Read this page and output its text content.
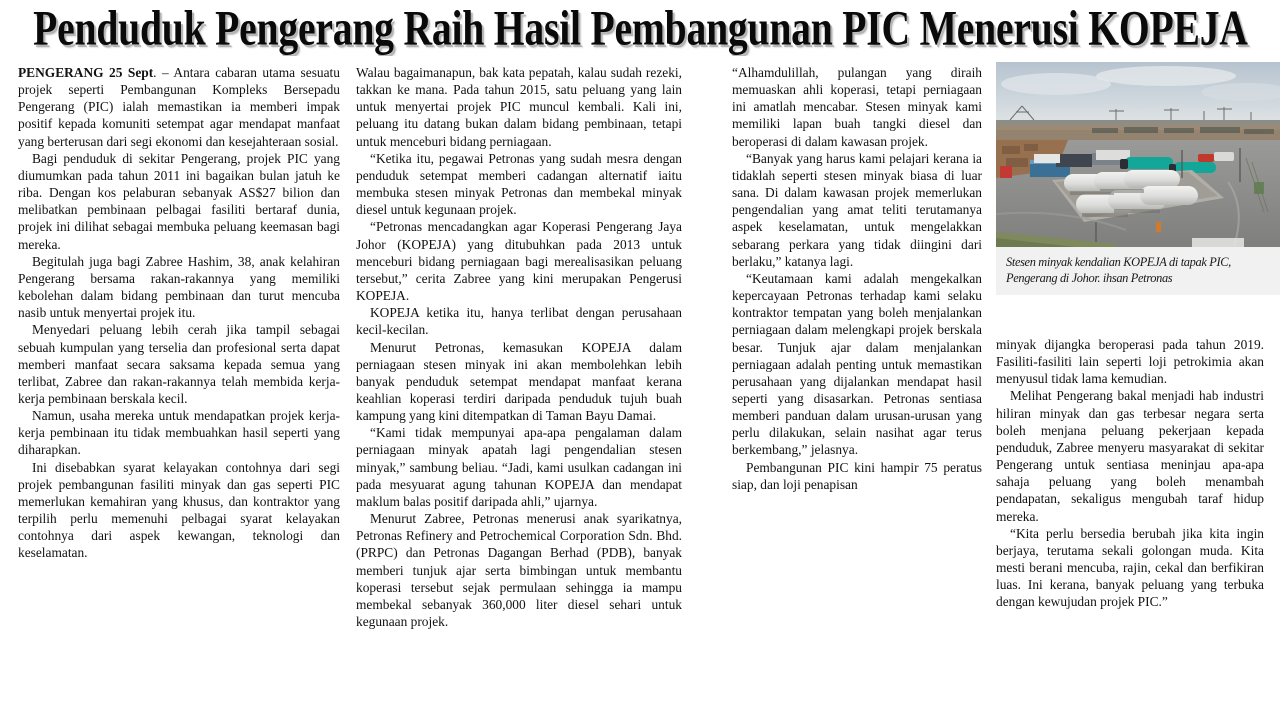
Penduduk Pengerang Raih Hasil Pembangunan PIC Menerusi KOPEJA

PENGERANG 25 Sept. – Antara cabaran utama sesuatu projek seperti Pembangunan Kompleks Bersepadu Pengerang (PIC) ialah memastikan ia memberi impak positif kepada komuniti setempat agar mendapat manfaat yang berterusan dari segi ekonomi dan kesejahteraan sosial.

Bagi penduduk di sekitar Pengerang, projek PIC yang diumumkan pada tahun 2011 ini bagaikan bulan jatuh ke riba. Dengan kos pelaburan sebanyak AS$27 bilion dan melibatkan pembinaan pelbagai fasiliti bertaraf dunia, projek ini dilihat sebagai membuka peluang keemasan bagi mereka.

Begitulah juga bagi Zabree Hashim, 38, anak kelahiran Pengerang bersama rakan-rakannya yang memiliki kebolehan dalam bidang pembinaan dan turut mencuba nasib untuk menyertai projek itu.

Menyedari peluang lebih cerah jika tampil sebagai sebuah kumpulan yang terselia dan profesional serta dapat memberi manfaat secara saksama kepada semua yang terlibat, Zabree dan rakan-rakannya telah membida kerja-kerja pembinaan berskala kecil.

Namun, usaha mereka untuk mendapatkan projek kerja-kerja pembinaan itu tidak membuahkan hasil seperti yang diharapkan.

Ini disebabkan syarat kelayakan contohnya dari segi projek pembangunan fasiliti minyak dan gas seperti PIC memerlukan kemahiran yang khusus, dan kontraktor yang terpilih perlu memenuhi pelbagai syarat kelayakan contohnya dari aspek kewangan, teknologi dan keselamatan.

Walau bagaimanapun, bak kata pepatah, kalau sudah rezeki, takkan ke mana. Pada tahun 2015, satu peluang yang lain untuk menyertai projek PIC muncul kembali. Kali ini, peluang itu datang bukan dalam bidang pembinaan, tetapi untuk menceburi bidang perniagaan.

“Ketika itu, pegawai Petronas yang sudah mesra dengan penduduk setempat memberi cadangan alternatif iaitu membuka stesen minyak Petronas dan membekal minyak diesel untuk kegunaan projek.

“Petronas mencadangkan agar Koperasi Pengerang Jaya Johor (KOPEJA) yang ditubuhkan pada 2013 untuk menceburi bidang perniagaan bagi merealisasikan peluang tersebut,” cerita Zabree yang kini merupakan Pengerusi KOPEJA.

KOPEJA ketika itu, hanya terlibat dengan perusahaan kecil-kecilan.

Menurut Petronas, kemasukan KOPEJA dalam perniagaan stesen minyak ini akan membolehkan lebih banyak penduduk setempat mendapat manfaat kerana keahlian koperasi terdiri daripada penduduk tujuh buah kampung yang kini ditempatkan di Taman Bayu Damai.

“Kami tidak mempunyai apa-apa pengalaman dalam perniagaan minyak apatah lagi pengendalian stesen minyak,” sambung beliau. “Jadi, kami usulkan cadangan ini pada mesyuarat agung tahunan KOPEJA dan mendapat maklum balas positif daripada ahli,” ujarnya.

Menurut Zabree, Petronas menerusi anak syarikatnya, Petronas Refinery and Petrochemical Corporation Sdn. Bhd. (PRPC) dan Petronas Dagangan Berhad (PDB), banyak memberi tunjuk ajar serta bimbingan untuk membantu koperasi tersebut sejak permulaan sehingga ia mampu membekal sebanyak 360,000 liter diesel sehari untuk kegunaan projek.

“Alhamdulillah, pulangan yang diraih memuaskan ahli koperasi, tetapi perniagaan ini amatlah mencabar. Stesen minyak kami memiliki lapan buah tangki diesel dan beroperasi di dalam kawasan projek.

“Banyak yang harus kami pelajari kerana ia tidaklah seperti stesen minyak biasa di luar sana. Di dalam kawasan projek memerlukan pengendalian yang amat teliti terutamanya aspek keselamatan, untuk mengelakkan sebarang perkara yang tidak diingini dari berlaku,” katanya lagi.

“Keutamaan kami adalah mengekalkan kepercayaan Petronas terhadap kami selaku kontraktor tempatan yang boleh menjalankan perniagaan dalam melengkapi projek berskala besar. Tunjuk ajar dalam menjalankan perniagaan adalah penting untuk memastikan perusahaan yang dijalankan mendapat hasil seperti yang disasarkan. Petronas sentiasa memberi panduan dalam urusan-urusan yang perlu dilakukan, selain nasihat agar terus berkembang,” jelasnya.

Pembangunan PIC kini hampir 75 peratus siap, dan loji penapisan

Stesen minyak kendalian KOPEJA di tapak PIC, Pengerang di Johor. ihsan Petronas

minyak dijangka beroperasi pada tahun 2019. Fasiliti-fasiliti lain seperti loji petrokimia akan menyusul tidak lama kemudian.

Melihat Pengerang bakal menjadi hab industri hiliran minyak dan gas terbesar negara serta boleh menjana peluang pekerjaan kepada penduduk, Zabree menyeru masyarakat di sekitar Pengerang untuk sentiasa meninjau apa-apa sahaja peluang yang boleh menambah pendapatan, sekaligus mengubah taraf hidup mereka.

“Kita perlu bersedia berubah jika kita ingin berjaya, terutama sekali golongan muda. Kita mesti berani mencuba, rajin, cekal dan berfikiran luas. Ini kerana, banyak peluang yang terbuka dengan kewujudan projek PIC.”
